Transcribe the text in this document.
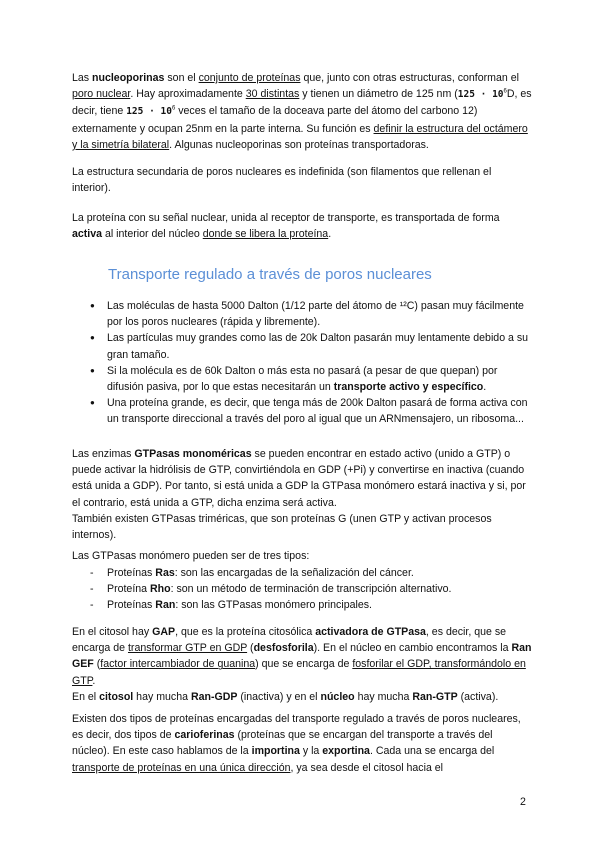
Las nucleoporinas son el conjunto de proteínas que, junto con otras estructuras, conforman el poro nuclear. Hay aproximadamente 30 distintas y tienen un diámetro de 125 nm ($125 \cdot 10^6D$, es decir, tiene $125 \cdot 10^6$ veces el tamaño de la doceava parte del átomo del carbono 12) externamente y ocupan 25nm en la parte interna. Su función es definir la estructura del octámero y la simetría bilateral. Algunas nucleoporinas son proteínas transportadoras.

La estructura secundaria de poros nucleares es indefinida (son filamentos que rellenan el interior).

La proteína con su señal nuclear, unida al receptor de transporte, es transportada de forma activa al interior del núcleo donde se libera la proteína.

Transporte regulado a través de poros nucleares
● Las moléculas de hasta 5000 Dalton (1/12 parte del átomo de ¹²C) pasan muy fácilmente por los poros nucleares (rápida y libremente).
● Las partículas muy grandes como las de 20k Dalton pasarán muy lentamente debido a su gran tamaño.
● Si la molécula es de 60k Dalton o más esta no pasará (a pesar de que quepan) por difusión pasiva, por lo que estas necesitarán un transporte activo y específico.
● Una proteína grande, es decir, que tenga más de 200k Dalton pasará de forma activa con un transporte direccional a través del poro al igual que un ARNmensajero, un ribosoma...

Las enzimas GTPasas monoméricas se pueden encontrar en estado activo (unido a GTP) o puede activar la hidrólisis de GTP, convirtiéndola en GDP (+Pi) y convertirse en inactiva (cuando está unida a GDP). Por tanto, si está unida a GDP la GTPasa monómero estará inactiva y si, por el contrario, está unida a GTP, dicha enzima será activa.
También existen GTPasas triméricas, que son proteínas G (unen GTP y activan procesos internos).

Las GTPasas monómero pueden ser de tres tipos:

- Proteínas Ras: son las encargadas de la señalización del cáncer.
- Proteína Rho: son un método de terminación de transcripción alternativo.
- Proteínas Ran: son las GTPasas monómero principales.

En el citosol hay GAP, que es la proteína citosólica activadora de GTPasa, es decir, que se encarga de transformar GTP en GDP (desfosforila). En el núcleo en cambio encontramos la Ran GEF (factor intercambiador de guanina) que se encarga de fosforilar el GDP, transformándolo en GTP.
En el citosol hay mucha Ran-GDP (inactiva) y en el núcleo hay mucha Ran-GTP (activa).

Existen dos tipos de proteínas encargadas del transporte regulado a través de poros nucleares, es decir, dos tipos de carioferinas (proteínas que se encargan del transporte a través del núcleo). En este caso hablamos de la importina y la exportina. Cada una se encarga del transporte de proteínas en una única dirección, ya sea desde el citosol hacia el

2
